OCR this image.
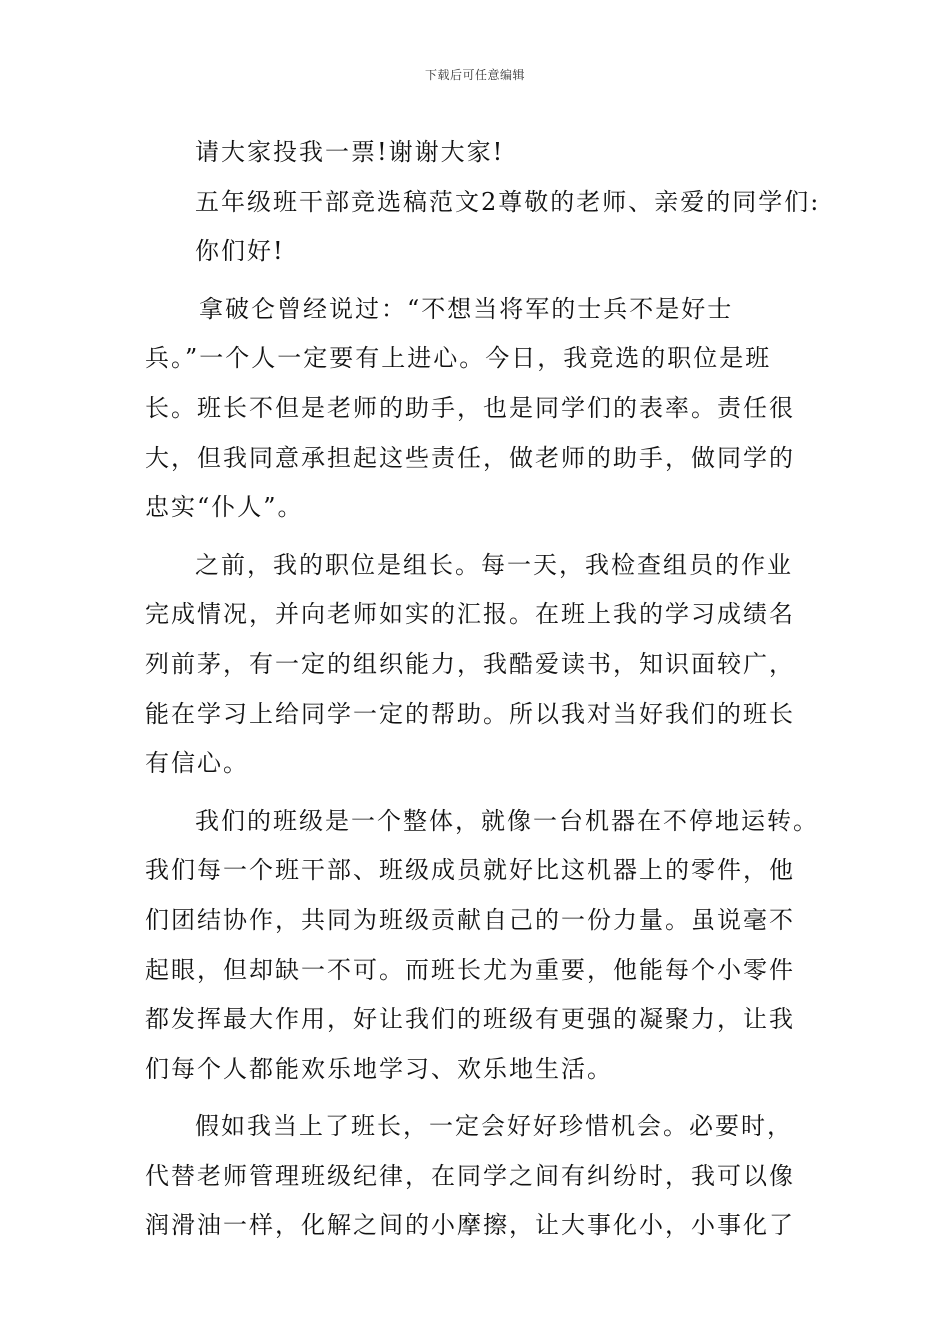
下载后可任意编辑
请大家投我一票!谢谢大家!
五年级班干部竞选稿范文2尊敬的老师、亲爱的同学们:
你们好!
拿破仑曾经说过：“不想当将军的士兵不是好士
兵。”一个人一定要有上进心。今日，我竞选的职位是班
长。班长不但是老师的助手，也是同学们的表率。责任很
大，但我同意承担起这些责任，做老师的助手，做同学的
忠实“仆人”。
之前，我的职位是组长。每一天，我检查组员的作业
完成情况，并向老师如实的汇报。在班上我的学习成绩名
列前茅，有一定的组织能力，我酷爱读书，知识面较广，
能在学习上给同学一定的帮助。所以我对当好我们的班长
有信心。
我们的班级是一个整体，就像一台机器在不停地运转。
我们每一个班干部、班级成员就好比这机器上的零件，他
们团结协作，共同为班级贡献自己的一份力量。虽说毫不
起眼，但却缺一不可。而班长尤为重要，他能每个小零件
都发挥最大作用，好让我们的班级有更强的凝聚力，让我
们每个人都能欢乐地学习、欢乐地生活。
假如我当上了班长，一定会好好珍惜机会。必要时，
代替老师管理班级纪律，在同学之间有纠纷时，我可以像
润滑油一样，化解之间的小摩擦，让大事化小，小事化了
